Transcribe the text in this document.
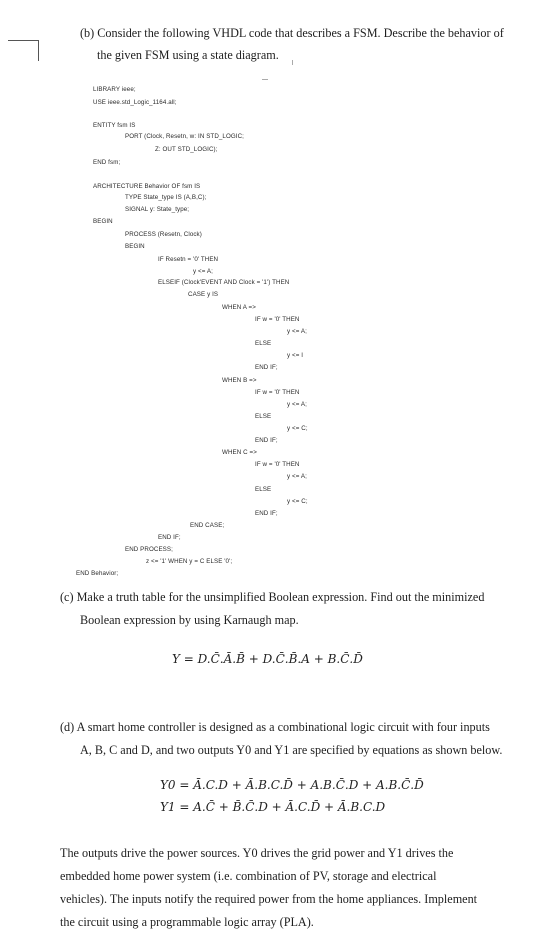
(b) Consider the following VHDL code that describes a FSM. Describe the behavior of
the given FSM using a state diagram.
LIBRARY ieee;
USE ieee.std_Logic_1164.all;
ENTITY fsm IS
PORT (Clock, Resetn, w: IN STD_LOGIC;
Z: OUT STD_LOGIC);
END fsm;
ARCHITECTURE Behavior OF fsm IS
TYPE State_type IS (A,B,C);
SIGNAL y: State_type;
BEGIN
PROCESS (Resetn, Clock)
BEGIN
IF Resetn = '0' THEN
y <= A;
ELSEIF (Clock'EVENT AND Clock = '1') THEN
CASE y IS
WHEN A =>
IF w = '0' THEN
y <= A;
ELSE
y <= I
END IF;
WHEN B =>
IF w = '0' THEN
y <= A;
ELSE
y <= C;
END IF;
WHEN C =>
IF w = '0' THEN
y <= A;
ELSE
y <= C;
END IF;
END CASE;
END IF;
END PROCESS;
z <= '1' WHEN y = C ELSE '0';
END Behavior;
(c) Make a truth table for the unsimplified Boolean expression. Find out the minimized
Boolean expression by using Karnaugh map.
Y = D.C̄.Ā.B̄ + D.C̄.B̄.A + B.C̄.D̄
(d) A smart home controller is designed as a combinational logic circuit with four inputs
A, B, C and D, and two outputs Y0 and Y1 are specified by equations as shown below.
Y0 = Ā.C.D + Ā.B.C.D̄ + A.B.C̄.D + A.B.C̄.D̄
Y1 = A.C̄ + B̄.C̄.D + Ā.C.D̄ + Ā.B.C.D
The outputs drive the power sources. Y0 drives the grid power and Y1 drives the
embedded home power system (i.e. combination of PV, storage and electrical
vehicles). The inputs notify the required power from the home appliances. Implement
the circuit using a programmable logic array (PLA).
